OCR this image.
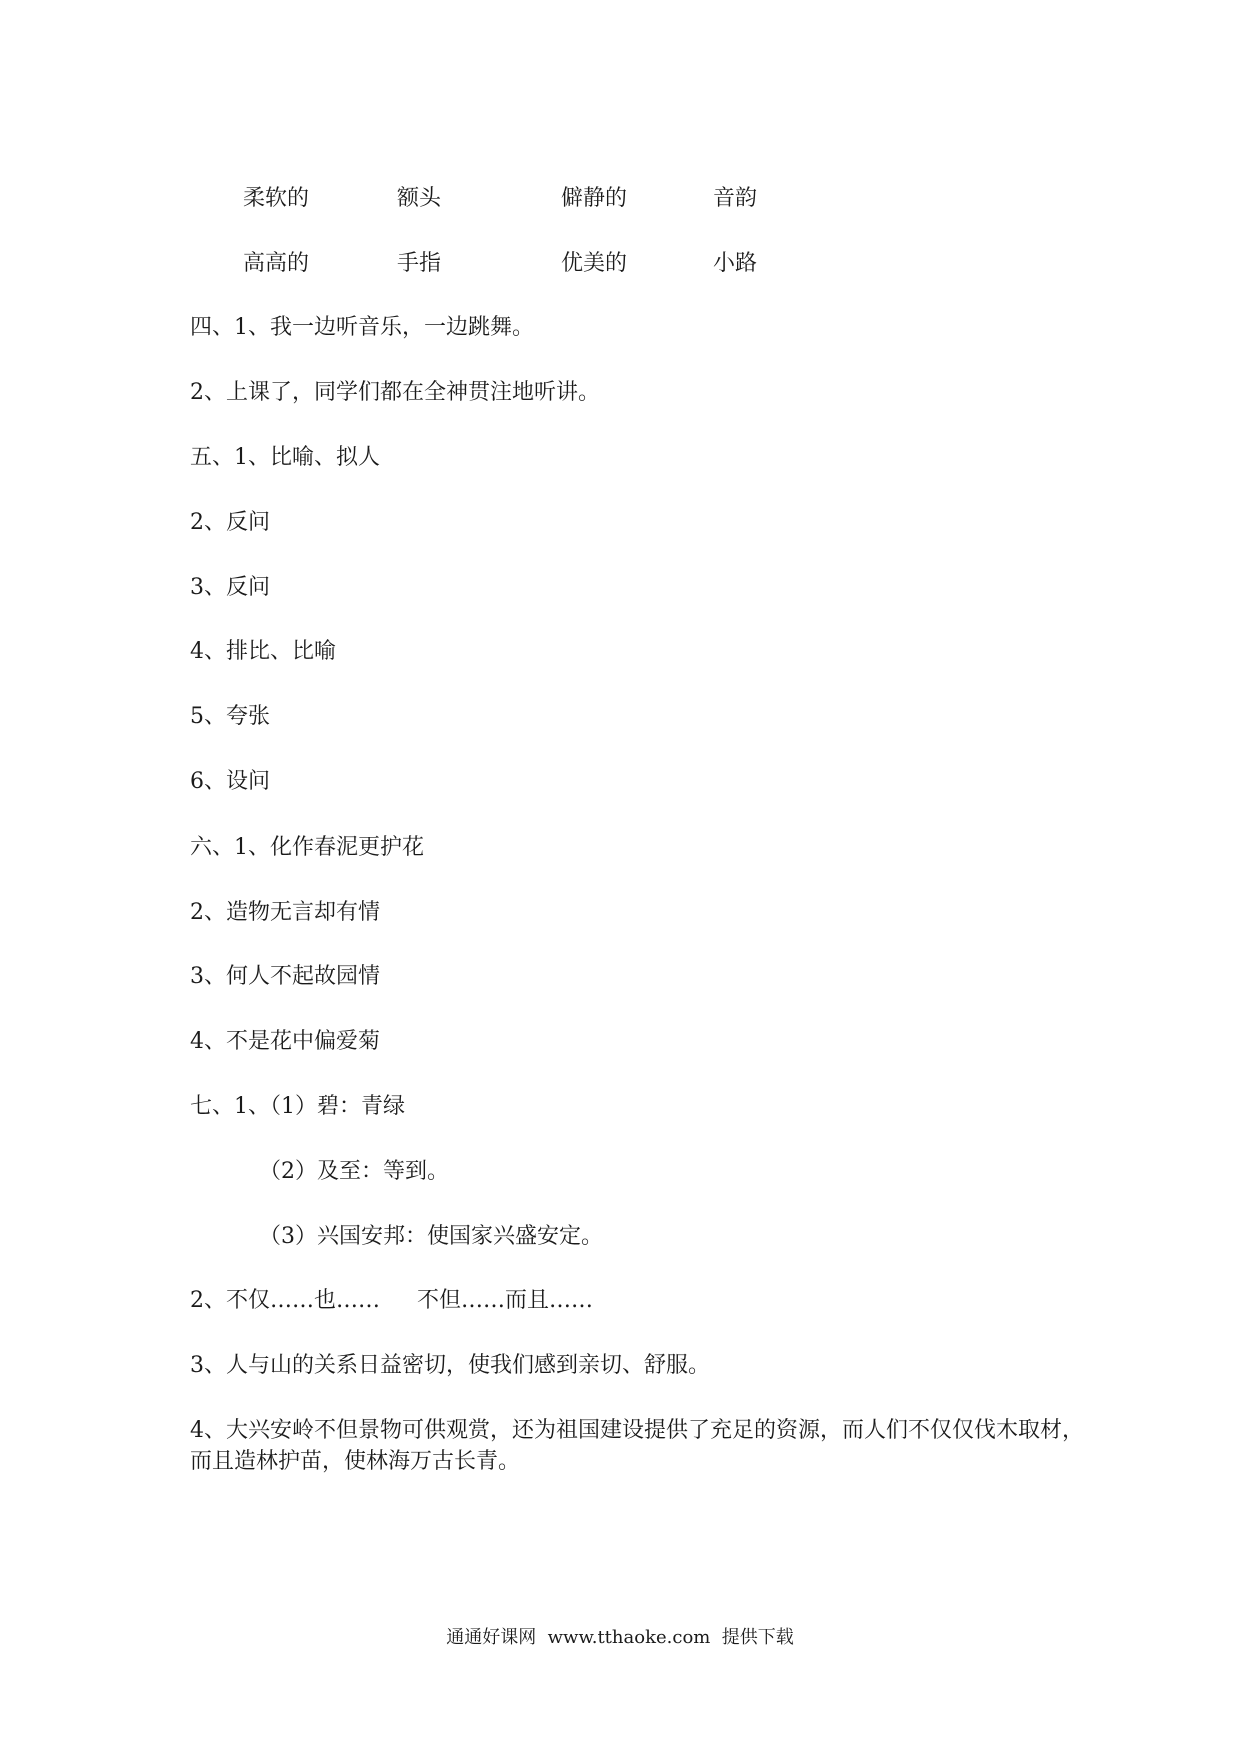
柔软的	额头	僻静的	音韵
高高的	手指	优美的	小路
四、1、我一边听音乐，一边跳舞。
2、上课了，同学们都在全神贯注地听讲。
五、1、比喻、拟人
2、反问
3、反问
4、排比、比喻
5、夸张
6、设问
六、1、化作春泥更护花
2、造物无言却有情
3、何人不起故园情
4、不是花中偏爱菊
七、1、（1）碧：青绿
（2）及至：等到。
（3）兴国安邦：使国家兴盛安定。
2、不仅……也…… 不但……而且……
3、人与山的关系日益密切，使我们感到亲切、舒服。
4、大兴安岭不但景物可供观赏，还为祖国建设提供了充足的资源，而人们不仅仅伐木取材，
而且造林护苗，使林海万古长青。
通通好课网  www.tthaoke.com  提供下载
